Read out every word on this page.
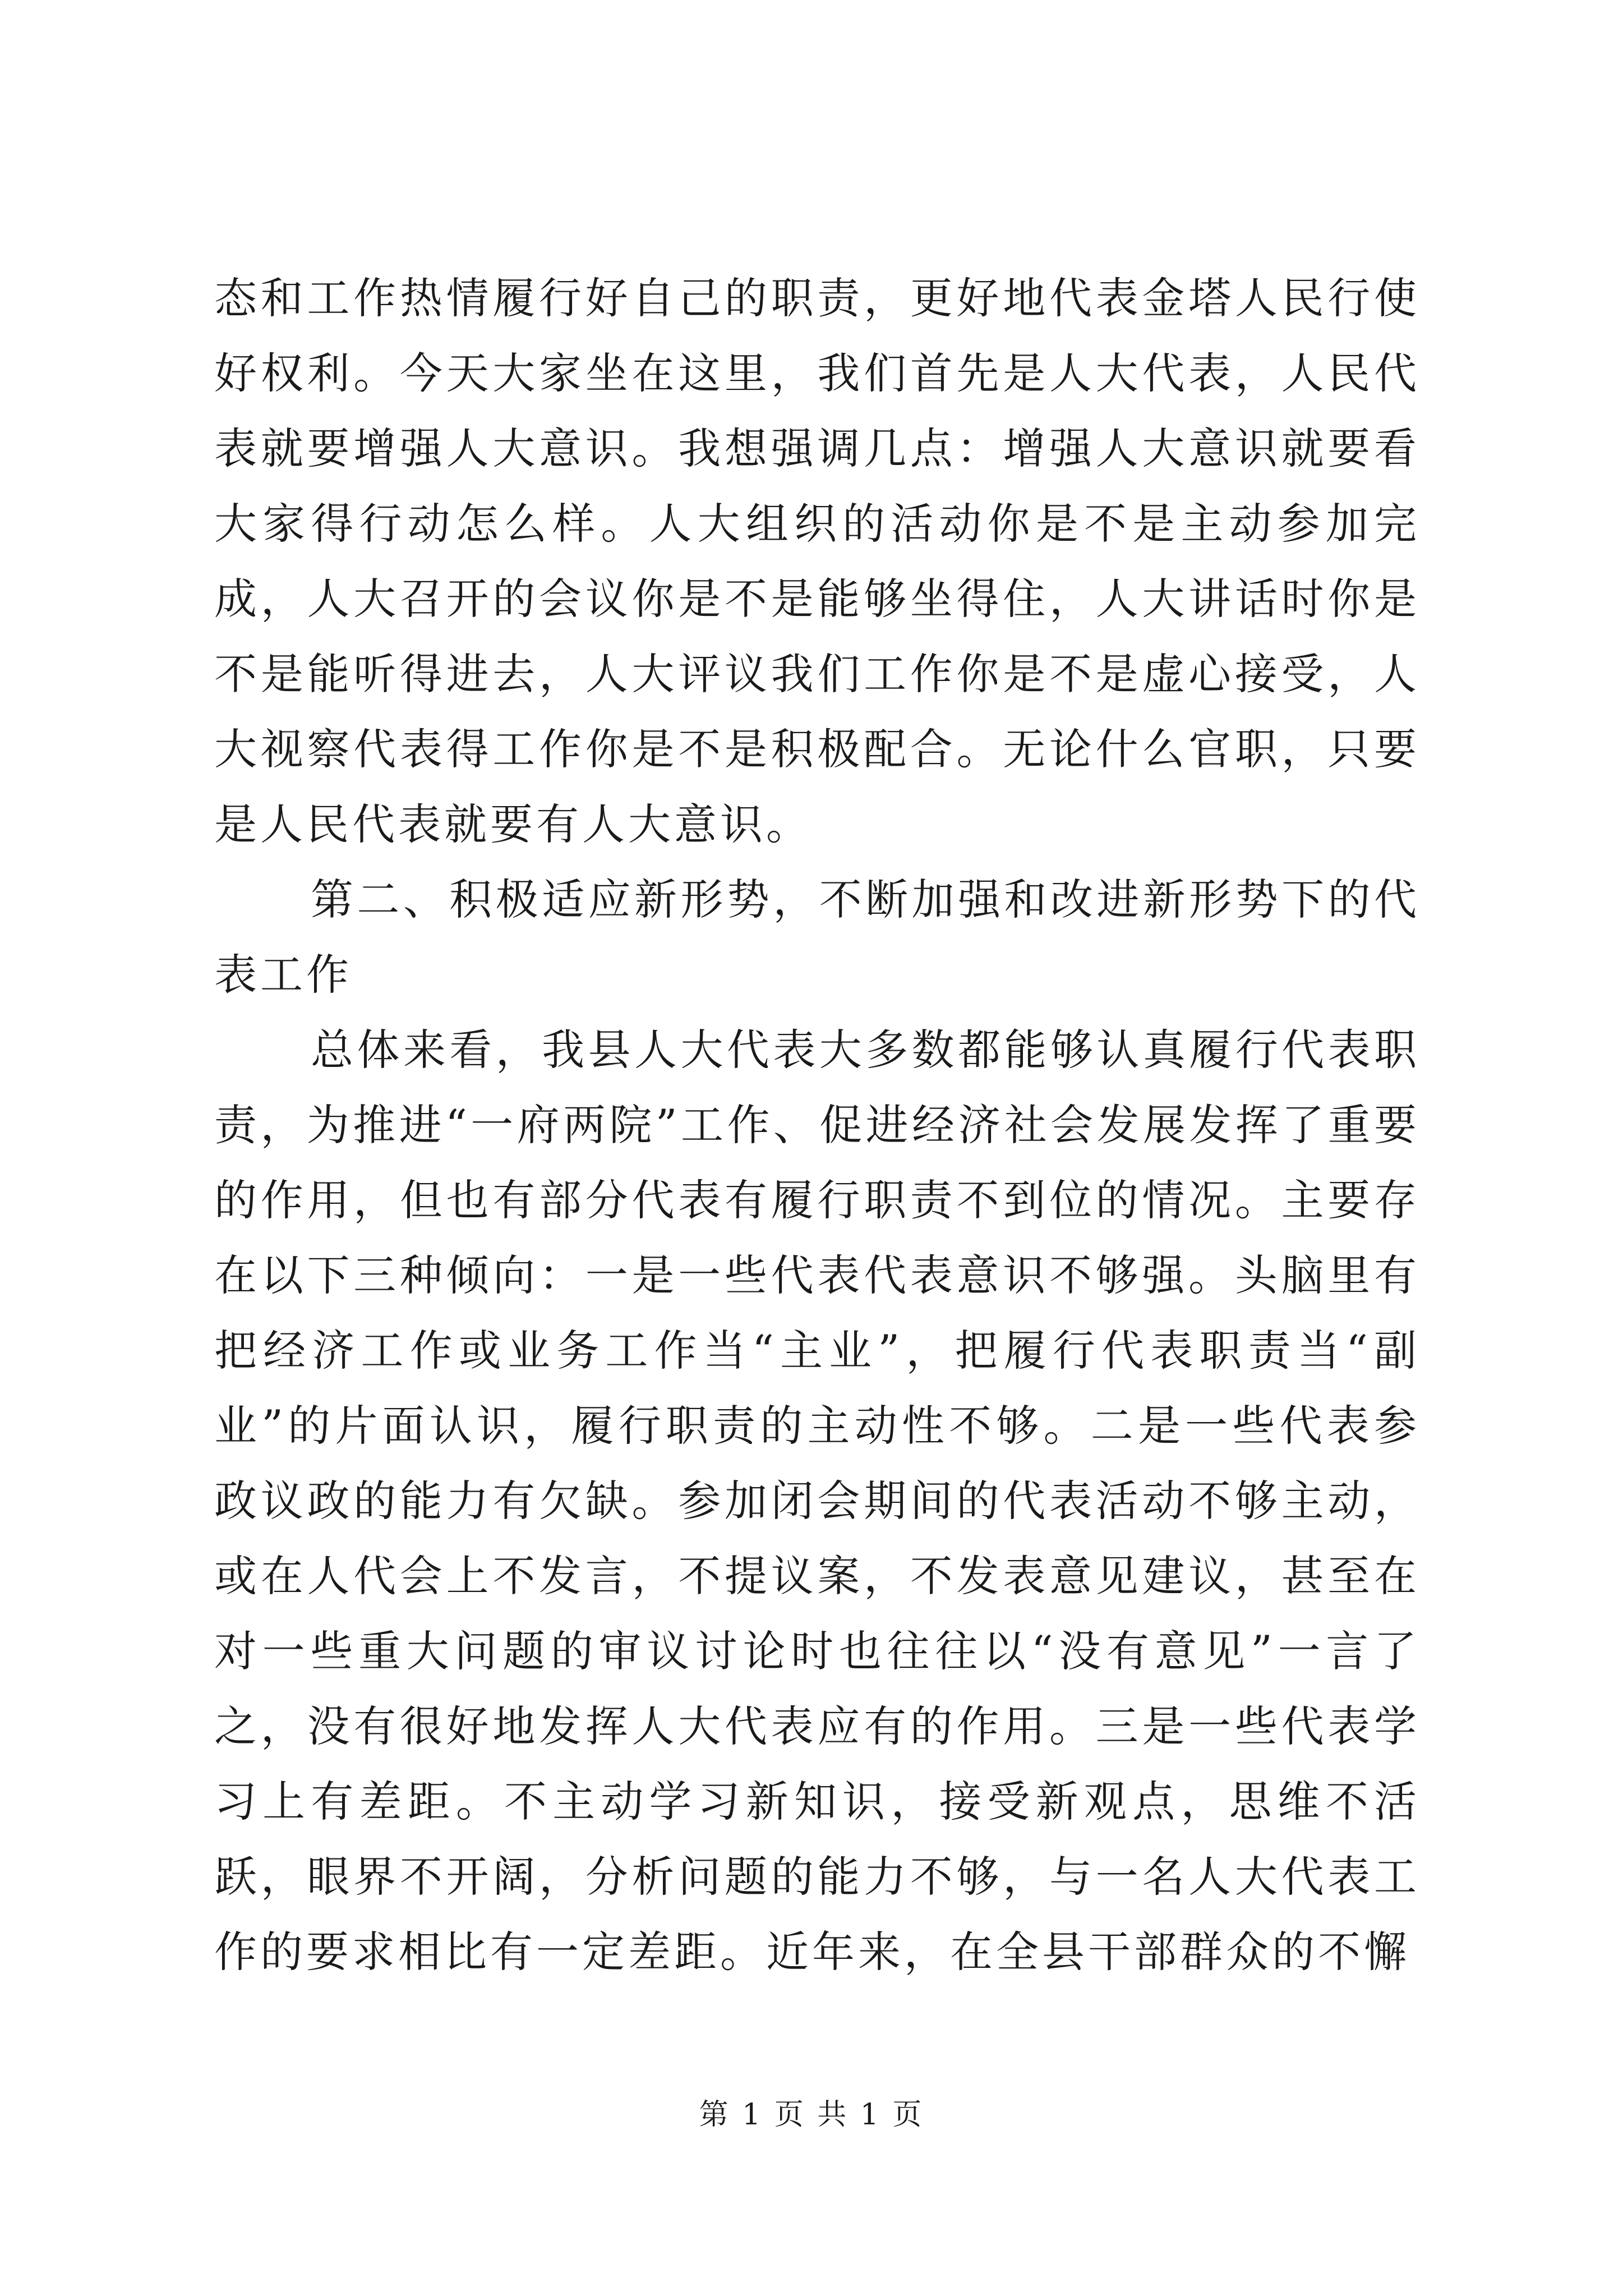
态和工作热情履行好自己的职责，更好地代表金塔人民行使好权利。今天大家坐在这里，我们首先是人大代表，人民代表就要增强人大意识。我想强调几点：增强人大意识就要看大家得行动怎么样。人大组织的活动你是不是主动参加完成，人大召开的会议你是不是能够坐得住，人大讲话时你是不是能听得进去，人大评议我们工作你是不是虚心接受，人大视察代表得工作你是不是积极配合。无论什么官职，只要是人民代表就要有人大意识。

第二、积极适应新形势，不断加强和改进新形势下的代表工作

总体来看，我县人大代表大多数都能够认真履行代表职责，为推进“一府两院”工作、促进经济社会发展发挥了重要的作用，但也有部分代表有履行职责不到位的情况。主要存在以下三种倾向：一是一些代表代表意识不够强。头脑里有把经济工作或业务工作当“主业”，把履行代表职责当“副业”的片面认识，履行职责的主动性不够。二是一些代表参政议政的能力有欠缺。参加闭会期间的代表活动不够主动，或在人代会上不发言，不提议案，不发表意见建议，甚至在对一些重大问题的审议讨论时也往往以“没有意见”一言了之，没有很好地发挥人大代表应有的作用。三是一些代表学习上有差距。不主动学习新知识，接受新观点，思维不活跃，眼界不开阔，分析问题的能力不够，与一名人大代表工作的要求相比有一定差距。近年来，在全县干部群众的不懈

第 1 页 共 1 页
